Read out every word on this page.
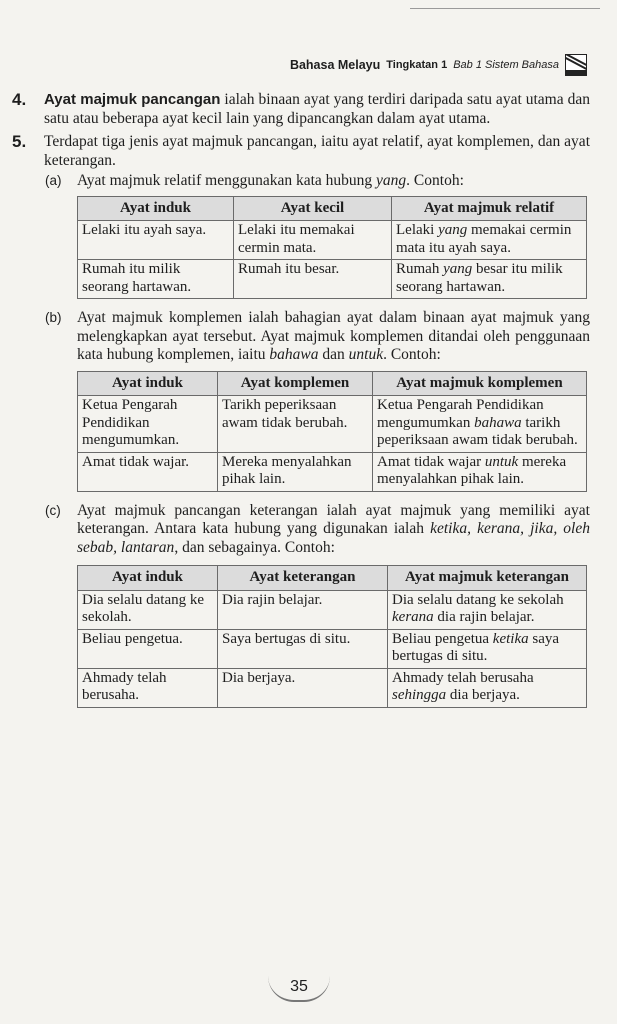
Bahasa Melayu Tingkatan 1 Bab 1 Sistem Bahasa
4.	Ayat majmuk pancangan ialah binaan ayat yang terdiri daripada satu ayat utama dan satu atau beberapa ayat kecil lain yang dipancangkan dalam ayat utama.
5.	Terdapat tiga jenis ayat majmuk pancangan, iaitu ayat relatif, ayat komplemen, dan ayat keterangan.
(a)	Ayat majmuk relatif menggunakan kata hubung yang. Contoh:
Ayat induk	Ayat kecil	Ayat majmuk relatif
Lelaki itu ayah saya.	Lelaki itu memakai cermin mata.	Lelaki yang memakai cermin mata itu ayah saya.
Rumah itu milik seorang hartawan.	Rumah itu besar.	Rumah yang besar itu milik seorang hartawan.
(b)	Ayat majmuk komplemen ialah bahagian ayat dalam binaan ayat majmuk yang melengkapkan ayat tersebut. Ayat majmuk komplemen ditandai oleh penggunaan kata hubung komplemen, iaitu bahawa dan untuk. Contoh:
Ayat induk	Ayat komplemen	Ayat majmuk komplemen
Ketua Pengarah Pendidikan mengumumkan.	Tarikh peperiksaan awam tidak berubah.	Ketua Pengarah Pendidikan mengumumkan bahawa tarikh peperiksaan awam tidak berubah.
Amat tidak wajar.	Mereka menyalahkan pihak lain.	Amat tidak wajar untuk mereka menyalahkan pihak lain.
(c)	Ayat majmuk pancangan keterangan ialah ayat majmuk yang memiliki ayat keterangan. Antara kata hubung yang digunakan ialah ketika, kerana, jika, oleh sebab, lantaran, dan sebagainya. Contoh:
Ayat induk	Ayat keterangan	Ayat majmuk keterangan
Dia selalu datang ke sekolah.	Dia rajin belajar.	Dia selalu datang ke sekolah kerana dia rajin belajar.
Beliau pengetua.	Saya bertugas di situ.	Beliau pengetua ketika saya bertugas di situ.
Ahmady telah berusaha.	Dia berjaya.	Ahmady telah berusaha sehingga dia berjaya.
35
